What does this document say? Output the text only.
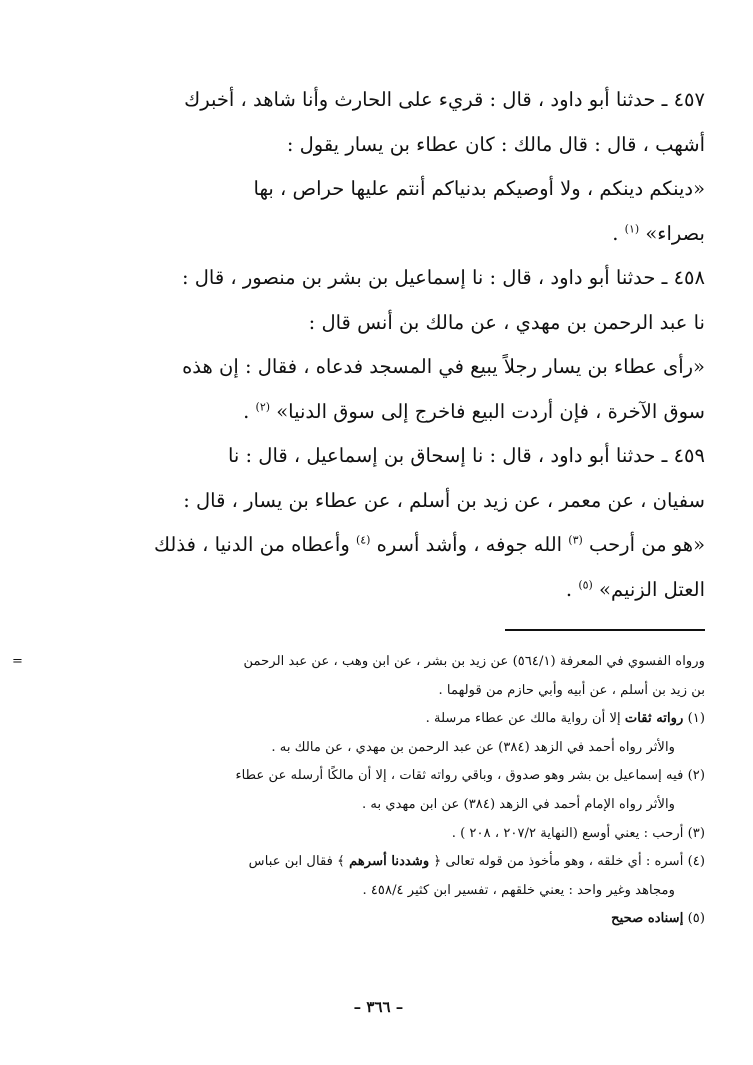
٤٥٧ ـ حدثنا أبو داود ، قال : قريء على الحارث وأنا شاهد ، أخبرك

أشهب ، قال : قال مالك : كان عطاء بن يسار يقول :

«دينكم دينكم ، ولا أوصيكم بدنياكم أنتم عليها حراص ، بها

بصراء» $^{(١)}$ .

٤٥٨ ـ حدثنا أبو داود ، قال : نا إسماعيل بن بشر بن منصور ، قال :

نا عبد الرحمن بن مهدي ، عن مالك بن أنس قال :

«رأى عطاء بن يسار رجلاً يبيع في المسجد فدعاه ، فقال : إن هذه

سوق الآخرة ، فإن أردت البيع فاخرج إلى سوق الدنيا» $^{(٢)}$ .

٤٥٩ ـ حدثنا أبو داود ، قال : نا إسحاق بن إسماعيل ، قال : نا

سفيان ، عن معمر ، عن زيد بن أسلم ، عن عطاء بن يسار ، قال :

«هو من أرحب $^{(٣)}$ الله جوفه ، وأشد أسره $^{(٤)}$ وأعطاه من الدنيا ، فذلك

العتل الزنيم» $^{(٥)}$ .

=	ورواه الفسوي في المعرفة (٥٦٤/١) عن زيد بن بشر ، عن ابن وهب ، عن عبد الرحمن

بن زيد بن أسلم ، عن أبيه وأبي حازم من قولهما .

(١) رواته ثقات إلا أن رواية مالك عن عطاء مرسلة .

والأثر رواه أحمد في الزهد (٣٨٤) عن عبد الرحمن بن مهدي ، عن مالك به .

(٢) فيه إسماعيل بن بشر وهو صدوق ، وباقي رواته ثقات ، إلا أن مالكًا أرسله عن عطاء

والأثر رواه الإمام أحمد في الزهد (٣٨٤) عن ابن مهدي به .

(٣) أرحب : يعني أوسع (النهاية ٢٠٧/٢ ، ٢٠٨ ) .

(٤) أسره : أي خلقه ، وهو مأخوذ من قوله تعالى ﴿ وشددنا أسرهم ﴾ فقال ابن عباس

ومجاهد وغير واحد : يعني خلقهم ، تفسير ابن كثير ٤٥٨/٤ .

(٥) إسناده صحيح

– ٣٦٦ –
